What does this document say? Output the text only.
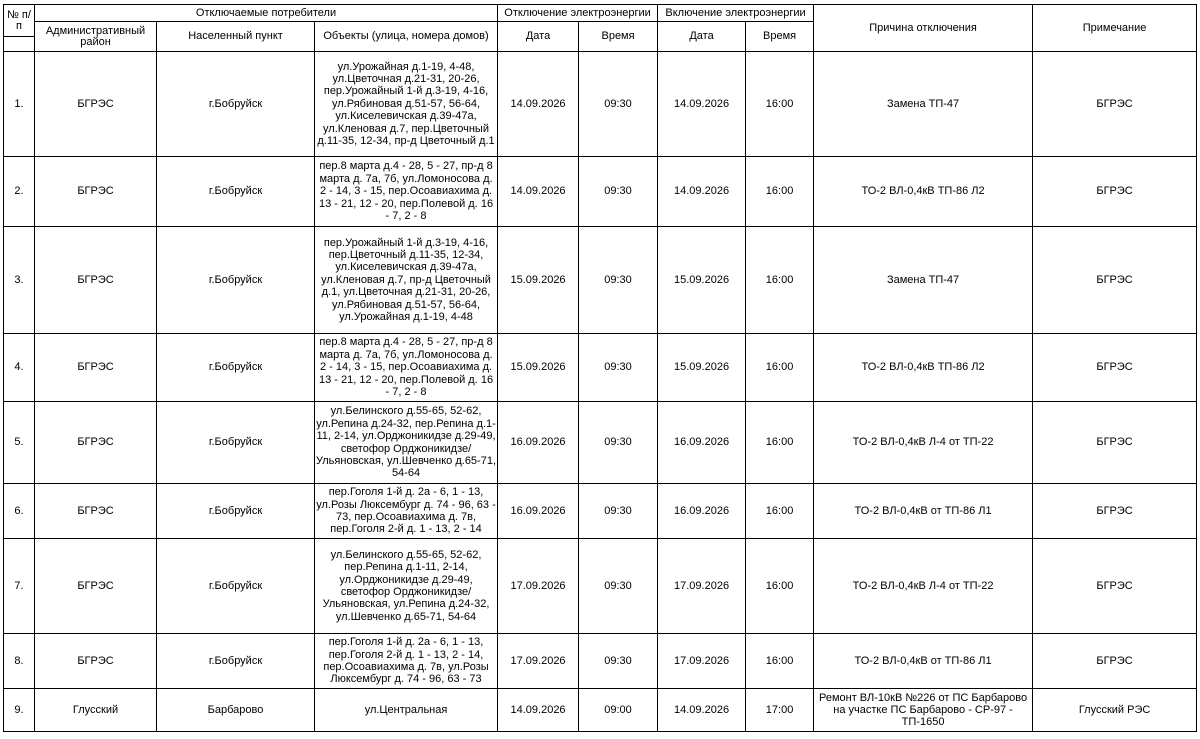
№ п/п	Отключаемые потребители			Отключение электроэнергии		Включение электроэнергии		Причина отключения	Примечание
	Административный район	Населенный пункт	Объекты (улица, номера домов)	Дата	Время	Дата	Время		

1.	БГРЭС	г.Бобруйск	ул.Урожайная д.1-19, 4-48, ул.Цветочная д.21-31, 20-26, пер.Урожайный 1-й д.3-19, 4-16, ул.Рябиновая д.51-57, 56-64, ул.Киселевичская д.39-47а, ул.Кленовая д.7, пер.Цветочный д.11-35, 12-34, пр-д Цветочный д.1	14.09.2026	09:30	14.09.2026	16:00	Замена ТП-47	БГРЭС
2.	БГРЭС	г.Бобруйск	пер.8 марта д.4 - 28, 5 - 27, пр-д 8 марта д. 7а, 7б, ул.Ломоносова д. 2 - 14, 3 - 15, пер.Осоавиахима д. 13 - 21, 12 - 20, пер.Полевой д. 16 - 7, 2 - 8	14.09.2026	09:30	14.09.2026	16:00	ТО-2 ВЛ-0,4кВ ТП-86 Л2	БГРЭС
3.	БГРЭС	г.Бобруйск	пер.Урожайный 1-й д.3-19, 4-16, пер.Цветочный д.11-35, 12-34, ул.Киселевичская д.39-47а, ул.Кленовая д.7, пр-д Цветочный д.1, ул.Цветочная д.21-31, 20-26, ул.Рябиновая д.51-57, 56-64, ул.Урожайная д.1-19, 4-48	15.09.2026	09:30	15.09.2026	16:00	Замена ТП-47	БГРЭС
4.	БГРЭС	г.Бобруйск	пер.8 марта д.4 - 28, 5 - 27, пр-д 8 марта д. 7а, 7б, ул.Ломоносова д. 2 - 14, 3 - 15, пер.Осоавиахима д. 13 - 21, 12 - 20, пер.Полевой д. 16 - 7, 2 - 8	15.09.2026	09:30	15.09.2026	16:00	ТО-2 ВЛ-0,4кВ ТП-86 Л2	БГРЭС
5.	БГРЭС	г.Бобруйск	ул.Белинского д.55-65, 52-62, ул.Репина д.24-32, пер.Репина д.1-11, 2-14, ул.Орджоникидзе д.29-49, светофор Орджоникидзе/Ульяновская, ул.Шевченко д.65-71, 54-64	16.09.2026	09:30	16.09.2026	16:00	ТО-2 ВЛ-0,4кВ Л-4 от ТП-22	БГРЭС
6.	БГРЭС	г.Бобруйск	пер.Гоголя 1-й д. 2а - 6, 1 - 13, ул.Розы Люксембург д. 74 - 96, 63 - 73, пер.Осоавиахима д. 7в, пер.Гоголя 2-й д. 1 - 13, 2 - 14	16.09.2026	09:30	16.09.2026	16:00	ТО-2 ВЛ-0,4кВ от ТП-86 Л1	БГРЭС
7.	БГРЭС	г.Бобруйск	ул.Белинского д.55-65, 52-62, пер.Репина д.1-11, 2-14, ул.Орджоникидзе д.29-49, светофор Орджоникидзе/Ульяновская, ул.Репина д.24-32, ул.Шевченко д.65-71, 54-64	17.09.2026	09:30	17.09.2026	16:00	ТО-2 ВЛ-0,4кВ Л-4 от ТП-22	БГРЭС
8.	БГРЭС	г.Бобруйск	пер.Гоголя 1-й д. 2а - 6, 1 - 13, пер.Гоголя 2-й д. 1 - 13, 2 - 14, пер.Осоавиахима д. 7в, ул.Розы Люксембург д. 74 - 96, 63 - 73	17.09.2026	09:30	17.09.2026	16:00	ТО-2 ВЛ-0,4кВ от ТП-86 Л1	БГРЭС
9.	Глусский	Барбарово	ул.Центральная	14.09.2026	09:00	14.09.2026	17:00	Ремонт ВЛ-10кВ №226 от ПС Барбарово на участке ПС Барбарово - СР-97 - ТП-1650	Глусский РЭС
